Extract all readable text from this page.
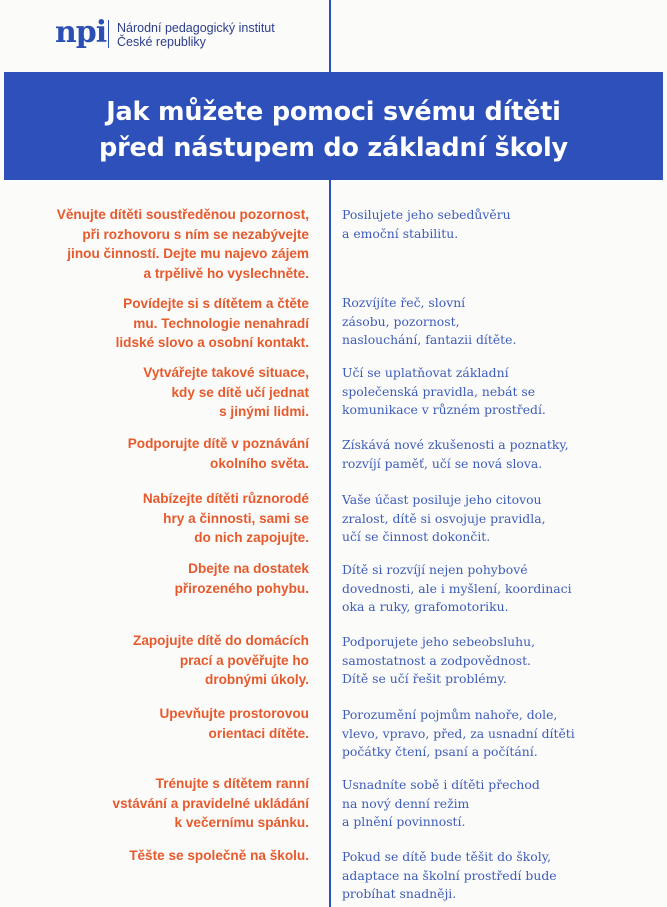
npi Národní pedagogický institut
České republiky
Jak můžete pomoci svému dítěti
před nástupem do základní školy
Věnujte dítěti soustředěnou pozornost,
při rozhovoru s ním se nezabývejte
jinou činností. Dejte mu najevo zájem
a trpělivě ho vyslechněte.
Posilujete jeho sebedůvěru
a emoční stabilitu.
Povídejte si s dítětem a čtěte
mu. Technologie nenahradí
lidské slovo a osobní kontakt.
Rozvíjíte řeč, slovní
zásobu, pozornost,
naslouchání, fantazii dítěte.
Vytvářejte takové situace,
kdy se dítě učí jednat
s jinými lidmi.
Učí se uplatňovat základní
společenská pravidla, nebát se
komunikace v různém prostředí.
Podporujte dítě v poznávání
okolního světa.
Získává nové zkušenosti a poznatky,
rozvíjí paměť, učí se nová slova.
Nabízejte dítěti různorodé
hry a činnosti, sami se
do nich zapojujte.
Vaše účast posiluje jeho citovou
zralost, dítě si osvojuje pravidla,
učí se činnost dokončit.
Dbejte na dostatek
přirozeného pohybu.
Dítě si rozvíjí nejen pohybové
dovednosti, ale i myšlení, koordinaci
oka a ruky, grafomotoriku.
Zapojujte dítě do domácích
prací a pověřujte ho
drobnými úkoly.
Podporujete jeho sebeobsluhu,
samostatnost a zodpovědnost.
Dítě se učí řešit problémy.
Upevňujte prostorovou
orientaci dítěte.
Porozumění pojmům nahoře, dole,
vlevo, vpravo, před, za usnadní dítěti
počátky čtení, psaní a počítání.
Trénujte s dítětem ranní
vstávání a pravidelné ukládání
k večernímu spánku.
Usnadníte sobě i dítěti přechod
na nový denní režim
a plnění povinností.
Těšte se společně na školu.	Pokud se dítě bude těšit do školy,
adaptace na školní prostředí bude
probíhat snadněji.
